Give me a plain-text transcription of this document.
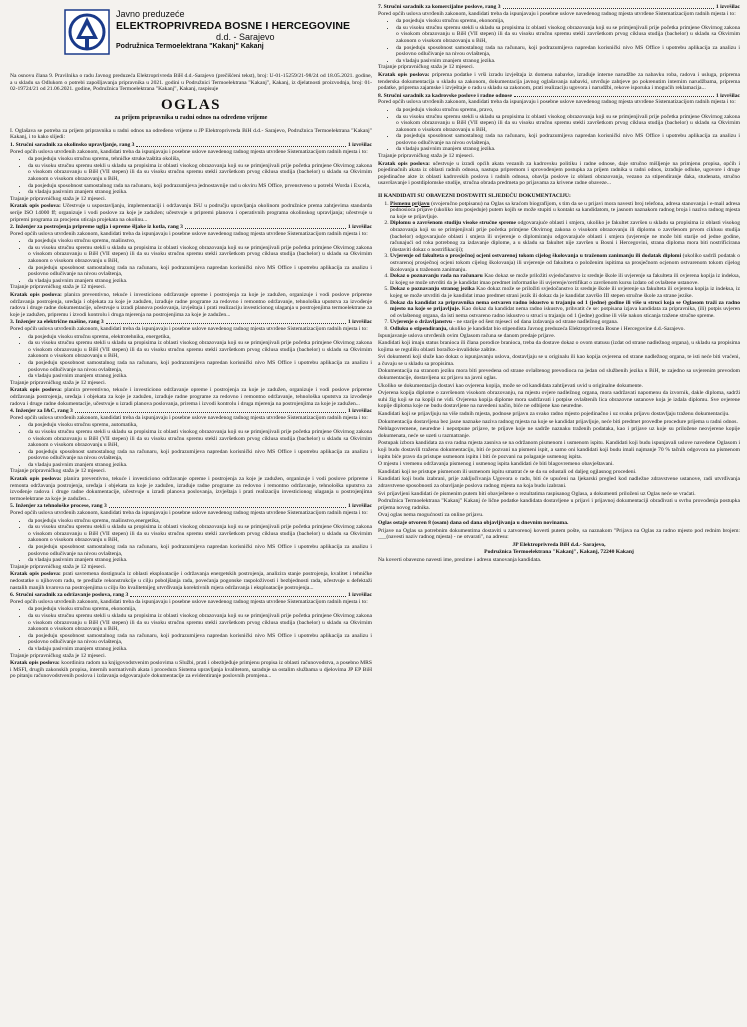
Javno preduzeće
ELEKTROPRIVREDA BOSNE I HERCEGOVINE
d.d. - Sarajevo
Podružnica Termoelektrana "Kakanj" Kakanj

Na osnovu člana 9. Pravilnika o radu Javnog preduzeća Elektroprivreda BiH d.d.-Sarajevo (prečišćeni tekst), broj: U-01-15259/21-98/24 od 18.05.2021. godine, a u skladu sa Odlukom o potrebi zapošljavanja pripravnika u 2021. godini u Podružnici Termoelektrana "Kakanj", Kakanj, iz djelatnosti proizvodnja, broj: 01-02-19724/21 od 21.06.2021. godine, Podružnica Termoelektrana "Kakanj", Kakanj, raspisuje

OGLAS
za prijem pripravnika u radni odnos na određeno vrijeme

I. Oglašava se potreba za prijem pripravnika u radni odnos na određeno vrijeme u JP Elektroprivreda BiH d.d.- Sarajevo, Podružnica Termoelektrana "Kakanj" Kakanj, i to kako slijedi:

1. Stručni saradnik za okolinsko upravljanje, rang 3	1 izvršilac

Pored općih uslova utvrđenih zakonom, kandidati treba da ispunjavaju i posebne uslove navedenog radnog mjesta utvrđene Sistematizacijom radnih mjesta i to:

• da posjeduju visoku stručnu spremu, tehničke struke/zaštita okoliša,
• da su visoku stručnu spremu stekli u skladu sa propisima iz oblasti visokog obrazovanja koji su se primjenjivali prije početka primjene Okvirnog zakona o visokom obrazovanju u BiH (VII stepen) ili da su visoku stručnu spremu stekli završetkom prvog ciklusa studija (bachelor) u skladu sa Okvirnim zakonom o visokom obrazovanju u BiH,
• da posjeduju sposobnost samostalnog rada na računaru, koji podrazumijeva jednostavnije rad u okviru MS Office, prvenstveno u potrebi Worda i Excela,
• da vladaju pasivnim znanjem stranog jezika.

Trajanje pripravničkog staža je 12 mjeseci.

Kratak opis poslova: Učestvuje u uspostavljanju, implementaciji i održavanju ISU u području upravljanja okolinom podružnice prema zahtjevima standarda serije ISO 14000 ff; organizuje i vodi poslove za koje je zadužen; učestvuje u pripremi planova i operativnih programa okolinskog upravljanja; učestvuje u pripremi programa za procjenu uticaja projekata na okolinu...

2. Inženjer za postrojenja pripreme uglja i opreme šljake iz kotla, rang 3	1 izvršilac

Pored općih uslova utvrđenih zakonom, kandidati treba da ispunjavaju i posebne uslove navedenog radnog mjesta utvrđene Sistematizacijom radnih mjesta i to:

• da posjeduju visoku stručnu spremu, mašinstvo,
• da su visoku stručnu spremu stekli u skladu sa propisima iz oblasti visokog obrazovanja koji su se primjenjivali prije početka primjene Okvirnog zakona o visokom obrazovanju u BiH (VII stepen) ili da su visoku stručnu spremu stekli završetkom prvog ciklusa studija (bachelor) u skladu sa Okvirnim zakonom o visokom obrazovanju u BiH,
• da posjeduju sposobnost samostalnog rada na računaru, koji podrazumijeva napredan korisnički nivo MS Office i upotrebu aplikacija za analizu i poslovno odlučivanje na nivou ovlaštenja,
• da vladaju pasivnim znanjem stranog jezika.

Trajanje pripravničkog staža je 12 mjeseci.

Kratak opis poslova: planira preventivno, tekuće i investiciono održavanje opreme i postrojenja za koje je zadužen, organizuje i vodi poslove pripreme održavanja postrojenja, uređaja i objekata za koje je zadužen, izrađuje radne programe za redovno i remontno održavanje, tehnološka uputstva za izvođenje radova i druge radne dokumentacije, učestvuje u izradi planova poslovanja, izvještaja i prati realizaciju investicionog ulaganja u postrojenjima termoelektrane za koje je zadužen, pripremu i izvodi kontrolu i druga mjerenja na postrojenjima za koje je zadužen...

3. Inženjer za električne mašine, rang 3	1 izvršilac

Pored općih uslova utvrđenih zakonom, kandidati treba da ispunjavaju i posebne uslove navedenog radnog mjesta utvrđene Sistematizacijom radnih mjesta i to:

• da posjeduju visoku stručnu spremu, elektrotehnika, energetika,
• da su visoku stručnu spremu stekli u skladu sa propisima iz oblasti visokog obrazovanja koji su se primjenjivali prije početka primjene Okvirnog zakona o visokom obrazovanju u BiH (VII stepen) ili da su visoku stručnu spremu stekli završetkom prvog ciklusa studija (bachelor) u skladu sa Okvirnim zakonom o visokom obrazovanju u BiH,
• da posjeduju sposobnost samostalnog rada na računaru, koji podrazumijeva napredan korisnički nivo MS Office i upotrebu aplikacija za analizu i poslovno odlučivanje na nivou ovlaštenja,
• da vladaju pasivnim znanjem stranog jezika.

Trajanje pripravničkog staža je 12 mjeseci.

Kratak opis poslova: planira preventivno, tekuće i investiciono održavanje opreme i postrojenja za koje je zadužen, organizuje i vodi poslove pripreme održavanja postrojenja, uređaja i objekata za koje je zadužen, izrađuje radne programe za redovno i remontno održavanje, tehnološka uputstva za izvođenje radova i druge radne dokumentacije, učestvuje u izradi planova poslovanja, prirema i izvodi kontrolu i druga mjerenja na postrojenjima za koje je zadužen...

4. Inženjer za I&C, rang 3	1 izvršilac

Pored općih uslova utvrđenih zakonom, kandidati treba da ispunjavaju i posebne uslove navedenog radnog mjesta utvrđene Sistematizacijom radnih mjesta i to:

• da posjeduju visoku stručnu spremu, automatika,
• da su visoku stručnu spremu stekli u skladu sa propisima iz oblasti visokog obrazovanja koji su se primjenjivali prije početka primjene Okvirnog zakona o visokom obrazovanju u BiH (VII stepen) ili da su visoku stručnu spremu stekli završetkom prvog ciklusa studija (bachelor) u skladu sa Okvirnim zakonom o visokom obrazovanju u BiH,
• da posjeduju sposobnost samostalnog rada na računaru, koji podrazumijeva napredan korisnički nivo MS Office i upotrebu aplikacija za analizu i poslovno odlučivanje na nivou ovlaštenja,
• da vladaju pasivnim znanjem stranog jezika.

Trajanje pripravničkog staža je 12 mjeseci.

Kratak opis poslova: planira preventivno, tekuće i investiciono održavanje opreme i postrojenja za koje je zadužen, organizuje i vodi poslove pripreme i remonta održavanja postrojenja, uređaja i objekata za koje je zadužen, izrađuje radne programe za redovno i remontno održavanje, tehnološka uputstva za izvođenje radova i druge radne dokumentacije, učestvuje u izradi planova poslovanja, izvještaja i prati realizaciju investicionog ulaganja u postrojenjima termoelektrane za koje je zadužen...

5. Inženjer za tehnološke procese, rang 3	1 izvršilac

Pored općih uslova utvrđenih zakonom, kandidati treba da ispunjavaju i posebne uslove navedenog radnog mjesta utvrđene Sistematizacijom radnih mjesta i to:

• da posjeduju visoku stručnu spremu, mašinstvo,energetika,
• da su visoku stručnu spremu stekli u skladu sa propisima iz oblasti visokog obrazovanja koji su se primjenjivali prije početka primjene Okvirnog zakona o visokom obrazovanju u BiH (VII stepen) ili da su visoku stručnu spremu stekli završetkom prvog ciklusa studija (bachelor) u skladu sa Okvirnim zakonom o visokom obrazovanju u BiH,
• da posjeduju sposobnost samostalnog rada na računaru, koji podrazumijeva napredan korisnički nivo MS Office i upotrebu aplikacija za analizu i poslovno odlučivanje na nivou ovlaštenja,
• da vladaju pasivnim znanjem stranog jezika.

Trajanje pripravničkog staža je 12 mjeseci.

Kratak opis poslova: prati savremena dostignuća iz oblasti eksploatacije i održavanja energetskih postrojenja, analizira stanje postrojenja, kvalitet i tehničke nedostatke u njihovom radu, te predlaže rekonstrukcije u cilju poboljšanja rada, povećanja pogonske raspoloživosti i bezbjednosti rada, učestvuje u defektaži nastalih manjih kvarova na postrojenjima u cilju što kvalitetnijeg utvrđivanja korektivnih mjera održavanja i eksploatacije postrojenja...

6. Stručni saradnik za održavanje poslova, rang 3	1 izvršilac

Pored općih uslova utvrđenih zakonom, kandidati treba da ispunjavaju i posebne uslove navedenog radnog mjesta utvrđene Sistematizacijom radnih mjesta i to:

• da posjeduju visoku stručnu spremu, ekonomija,
• da su visoku stručnu spremu stekli u skladu sa propisima iz oblasti visokog obrazovanja koji su se primjenjivali prije početka primjene Okvirnog zakona o visokom obrazovanju u BiH (VII stepen) ili da su visoku stručnu spremu stekli završetkom prvog ciklusa studija (bachelor) u skladu sa Okvirnim zakonom o visokom obrazovanju u BiH,
• da posjeduju sposobnost samostalnog rada na računaru, koji podrazumijeva napredan korisnički nivo MS Office i upotrebu aplikacija za analizu i poslovno odlučivanje na nivou ovlaštenja,
• da vladaju pasivnim znanjem stranog jezika.

Trajanje pripravničkog staža je 12 mjeseci.

Kratak opis poslova: koordinira radom na knjigovodstvenim poslovima u Službi, prati i obezbjeđuje primjenu propisa iz oblasti računovodstva, a posebno MRS i MSFI, drugih zakonskih propisa, internih normativnih akata i procedura Sistema upravljanja kvalitetom, saradnje sa ostalim službama u djelovima JP EP BiH po pitanju računovodstvenih poslova i izdavanja odgovarajuće dokumentacije za evidentiranje poslovnih promjena...

7. Stručni saradnik za komercijalne poslove, rang 3	1 izvršilac

Pored općih uslova utvrđenih zakonom, kandidati treba da ispunjavaju i posebne uslove navedenog radnog mjesta utvrđene Sistematizacijom radnih mjesta i to:

• da posjeduju visoku stručnu spremu, ekonomija,
• da su visoku stručnu spremu stekli u skladu sa propisima iz oblasti visokog obrazovanja koji su se primjenjivali prije početka primjene Okvirnog zakona o visokom obrazovanju u BiH (VII stepen) ili da su visoku stručnu spremu stekli završetkom prvog ciklusa studija (bachelor) u skladu sa Okvirnim zakonom o visokom obrazovanju u BiH,
• da posjeduju sposobnost samostalnog rada na računaru, koji podrazumijeva napredan korisnički nivo MS Office i upotrebu aplikacija za analizu i poslovno odlučivanje na nivou ovlaštenja,
• da vladaju pasivnim znanjem stranog jezika.

Trajanje pripravničkog staža je 12 mjeseci.

Kratak opis poslova: priprema podatke i vrši izradu izvještaja iz domena nabavke, izrađuje interne narudžbe za nabavku roba, radova i usluga, priprema tenderska dokumentacija u skladu sa zakonom, dokumentacija javnog oglašavanja nabavki, utvrđuje zahtjeve po pokrenutim internim narudžbama, priprema podatke, priprema zajamske i izvještaje o radu u skladu sa zakonom, prati realizaciju ugovora i narudžbi, rekove isporuka i mogućih reklamacija...

8. Stručni saradnik za kadrovske poslove i radne odnose	1 izvršilac

Pored općih uslova utvrđenih zakonom, kandidati treba da ispunjavaju i posebne uslove navedenog radnog mjesta utvrđene Sistematizacijom radnih mjesta i to:

• da posjeduju visoku stručnu spremu, pravo,
• da su visoku stručnu spremu stekli u skladu sa propisima iz oblasti visokog obrazovanja koji su se primjenjivali prije početka primjene Okvirnog zakona o visokom obrazovanju u BiH (VII stepen) ili da su visoku stručnu spremu stekli završetkom prvog ciklusa studija (bachelor) u skladu sa Okvirnim zakonom o visokom obrazovanju u BiH,
• da posjeduju sposobnost samostalnog rada na računaru, koji podrazumijeva napredan korisnički nivo MS Office i upotrebu aplikacija za analizu i poslovno odlučivanje na nivou ovlaštenja,
• da vladaju pasivnim znanjem stranog jezika.

Trajanje pripravničkog staža je 12 mjeseci.

Kratak opis poslova: učestvuje u izradi općih akata vezanih za kadrovsku politiku i radne odnose, daje stručno mišljenje na primjenu propisa, općih i pojedinačnih akata iz oblasti radnih odnosa, nastupa pripremom i sprovođenjem postupka za prijem radnika u radni odnos, izrađuje odluke, ugovore i druge pojedinačne akte iz oblasti kadrovskih poslova i radnih odnosa, obavlja poslove iz oblasti obrazovanja, vezano za stipendiranje đaka, studenata, stručno usavršavanje i postdiplomske studije, stručna obrada predmeta po prijavama za krivene radne obaveze...

II KANDIDATI SU OBAVEZNI DOSTAVITI SLJEDEĆU DOKUMENTACIJU:

1. Pismenu prijavu (svojeručno potpisanu) na Oglas sa kraćom biografijom, s tim da se u prijavi mora navesti broj telefona, adresa stanovanja i e-mail adresa podnosioca prijave (ukoliko istu posjeduje) putem kojih se može stupiti u kontakt sa kandidatom, te jasnom naznakom radnog broja i naziva radnog mjesta na koje se prijavljuje.
2. Diplomu o završenom studiju visoke stručne spreme odgovarajuće oblasti i smjera, ukoliko je fakultet završen u skladu sa propisima iz oblasti visokog obrazovanja koji su se primjenjivali prije početka primjene Okvirnog zakona o visokom obrazovanju ili diplomu o završenom prvom ciklusu studija (bachelor) odgovarajuće oblasti i smjera ili uvjerenje o diplomiranju odgovarajuće oblasti i smjera (uvjerenje ne može biti starije od jedne godine, računajući od roka potrebnog za izdavanje diplome, a u skladu sa fakultet nije završen u Bosni i Hercegovini, strana diploma mora biti nostrificirana (dostaviti dokaz o nostrifikaciji);
3. Uvjerenje od fakulteta o prosječnoj ocjeni ostvarenoj tokom cijelog školovanja u traženom zanimanju ili dodatak diplomi (ukoliko sadrži podatak o ostvarenoj prosječnoj ocjeni tokom cijelog školovanja) ili uvjerenje od fakulteta o položenim ispitima sa prosječnom ocjenom ostvarenom tokom cijelog školovanja u traženom zanimanju.
4. Dokaz o poznavanju rada na računaru Kao dokaz se može priložiti svjedočanstvo iz srednje škole ili uvjerenje sa fakulteta ili ovjerena kopija iz indeksa, iz kojeg se može utvrditi da je kandidat imao predmet informatike ili uvjerenje/certifikat o završenom kursu izdato od ovlaštene ustanove.
5. Dokaz o poznavanju stranog jezika Kao dokaz može se priložiti svjedočanstvo iz srednje škole ili uvjerenje sa fakulteta ili ovjerena kopija iz indeksa, iz kojeg se može utvrditi da je kandidat imao predmet strani jezik ili dokaz da je kandidat završio III stepen stručne škole za strane jezike.
6. Dokaz da kandidat za pripravnika nema ostvaren radno iskustvo u trajanju od 1 (jedne) godine ili više u struci koja se Oglasom traži za radno mjesto na koje se prijavljuje. Kao dokaz da kandidat nema radno iskustvo, prihvatit će se: potpisana izjava kandidata za pripravnika, (ili) potpis uvjeren od ovlaštenog organa, da isti nema ostvareno radno iskustvo u struci u trajanju od 1 (jedne) godine ili više nakon sticanja tražene stručne spreme.
7. Uvjerenje o državljanstvu - ne starije od šest mjeseci od dana izdavanja od strane nadležnog organa.
8. Odluku o stipendiranju, ukoliko je kandidat bio stipendista Javnog preduzeća Elektroprivreda Bosne i Hercegovine d.d.-Sarajevo.

Ispunjavanje uslova utvrđenih ovim Oglasom računa se danom predaje prijave.

Kandidati koji imaju status branioca ili člana porodice branioca, treba da dostave dokaz o ovom statusu (izdat od strane nadležnog organa), u skladu sa propisima kojima se regulišu oblasti boračko-invalidske zaštite.

Svi dokumenti koji služe kao dokaz o ispunjavanju uslova, dostavljaju se u originalu ili kao kopija ovjerena od strane nadležnog organa, te isti neće biti vraćeni, a čuvaju se u skladu sa propisima.

Dokumentacija na stranom jeziku mora biti prevedena od strane ovlaštenog prevodioca na jedan od službenih jezika u BiH, te zajedno sa uvjerenim prevodom dokumentacije, dostavljena uz prijavu na javni oglas.

Ukoliko se dokumentacija dostavi kao ovjerena kopija, može se od kandidata zahtijevati uvid u originalne dokumente.

Ovjerena kopija diplome o završenom visokom obrazovanju, na mjestu ovjere nadležnog organa, mora sadržavati napomenu da izvornik, dakle diploma, sadrži suhi žig koji se na kopiji ne vidi. Ovjerena kopija diplome mora sadržavati i potpise ovlaštenih lica obrazovne ustanove koja je izdala diplomu. Sve ovjerene kopije diploma koje ne budu dostavljene na navedeni način, biće ne odbijene kao neuredne.

Kandidati koji se prijavljuju na više radnih mjesta, podnose prijavu za svako radno mjesto pojedinačno i uz svaku prijavu dostavljaju traženu dokumentaciju.

Dokumentacija dostavljena bez jasne naznake naziva radnog mjesta na koje se kandidat prijavljuje, neće biti predmet provedbe procedure prijema u radni odnos.

Neblagovremene, neuredne i nepotpune prijave, te prijave koje ne sadrže naznaku traženih podataka, kao i prijave uz koje su priložene neovjerene kopije dokumenata, neće se uzeti u razmatranje.

Postupak izbora kandidata za sva radna mjesta zasniva se na održanom pismenom i usmenom ispitu. Kandidati koji budu ispunjavali uslove navedene Oglasom i koji budu dostavili traženu dokumentaciju, biti će pozvani na pismeni ispit, a samo oni kandidati koji budu imali najmanje 70 % tačnih odgovora na pismenom ispitu biće pravo da pristupe usmenom ispitu i biti će pozvani na polaganje usmenog ispita.

O mjestu i vremenu održavanja pismenog i usmenog ispita kandidati će biti blagovremeno obavještavani.

Kandidati koji ne pristupe pismenom ili usmenom ispitu smatrat će se da su odustali od daljeg ogjlasnog procedeni.

Kandidati koji budu izabrani, prije zaključivanja Ugovora o radu, biti će upućeni na ljekarski pregled kod nadležne zdravstvene ustanove, radi utvrđivanja zdravstvene sposobnosti za obavljanje poslova radnog mjesta na koja budu izabrani.

Svi prijavljeni kandidati će pismenim putem biti obavještene o rezultatima raspisanog Oglasa, a dokumenti priloženi uz Oglas neće se vraćati.

Podružnica Termoelektrana "Kakanj" Kakanj će lične podatke kandidata dostavljene u prijavi i prijavnoj dokumentaciji obrađivati u svrhu provođenja postupka prijema novog radnika.

Ovaj oglas nema mogućnosti za online prijavu.

Oglas ostaje otvoren 8 (osam) dana od dana objavljivanja u dnevnim novinama.

Prijave na Oglas sa potrebnim dokumentima dostaviti u zatvorenoj koverti putem pošte, sa naznakom "Prijava na Oglas za radno mjesto pod rednim brojem: ___(navesti naziv radnog mjesta) - ne otvarati", na adresu:

JP Elektroprivreda BiH d.d.- Sarajevo,

Podružnica Termoelektrana "Kakanj", Kakanj, 72240 Kakanj

Na koverti obavezno navesti ime, prezime i adresu stanovanja kandidata.
